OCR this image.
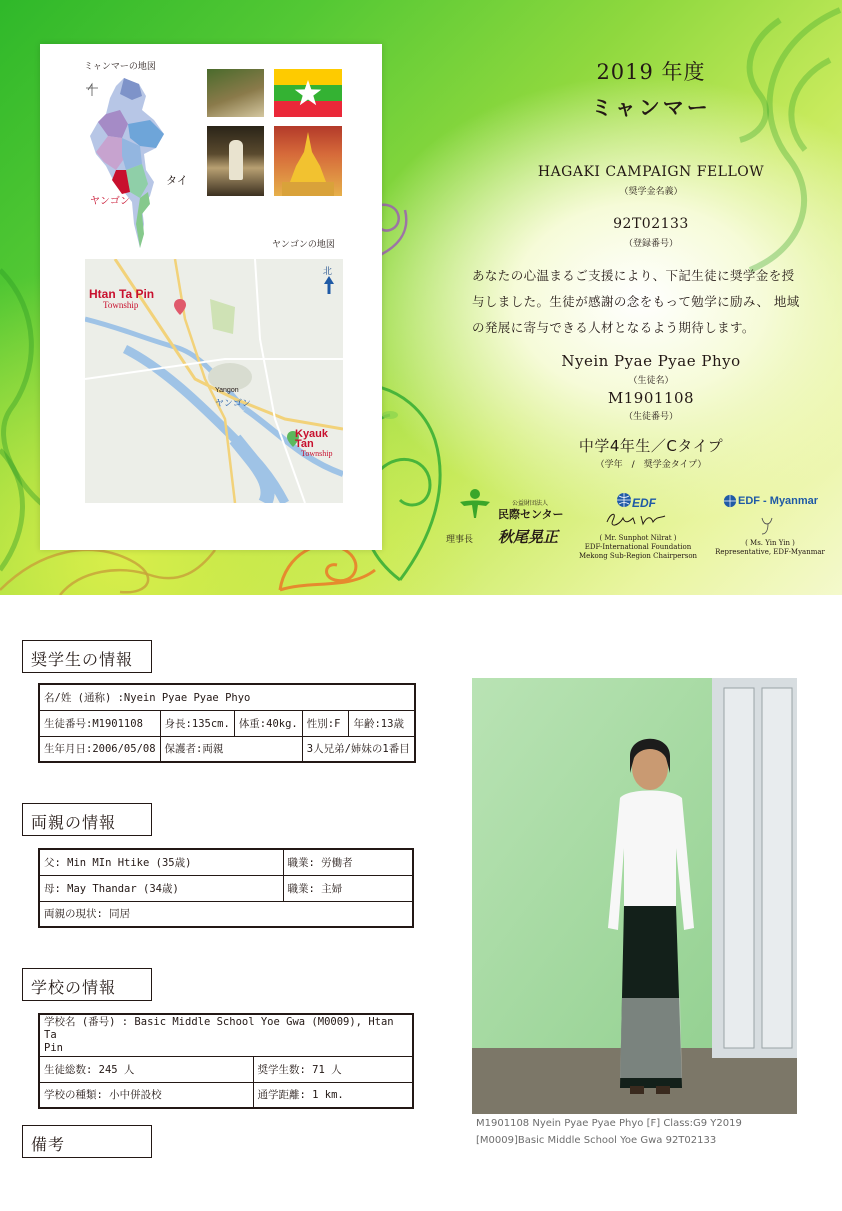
ミャンマーの地図
タイ
ヤンゴン
ヤンゴンの地図
Htan Ta Pin
Township
Yangon
ヤンゴン
Kyauk Tan
Township
北
2019 年度
ミャンマー
HAGAKI CAMPAIGN FELLOW
（奨学金名義）
92T02133
（登録番号）
あなたの心温まるご支援により、下記生徒に奨学金を授
与しました。生徒が感謝の念をもって勉学に励み、 地域
の発展に寄与できる人材となるよう期待します。
Nyein Pyae Pyae Phyo
（生徒名）
M1901108
（生徒番号）
中学4年生／Cタイプ
（学年　/　奨学金タイプ）
公益財団法人
民際センター
理事長 秋尾晃正
EDF
( Mr. Sunphot Nilrat )
EDF-International Foundation
Mekong Sub-Region Chairperson
EDF - Myanmar
( Ms. Yin Yin )
Representative, EDF-Myanmar
奨学生の情報
名/姓 (通称) :Nyein Pyae Pyae Phyo				
生徒番号:M1901108	身長:135cm.	体重:40kg.	性別:F	年齢:13歳
生年月日:2006/05/08	保護者:両親		3人兄弟/姉妹の1番目	
両親の情報
父: Min MIn Htike (35歳)	職業: 労働者
母: May Thandar (34歳)	職業: 主婦
両親の現状: 同居	
学校の情報
学校名 (番号) : Basic Middle School Yoe Gwa (M0009), Htan Ta
Pin	

生徒総数: 245 人	奨学生数: 71 人
学校の種類: 小中併設校	通学距離: 1 km.
備考
M1901108 Nyein Pyae Pyae Phyo [F] Class:G9 Y2019
[M0009]Basic Middle School Yoe Gwa 92T02133
